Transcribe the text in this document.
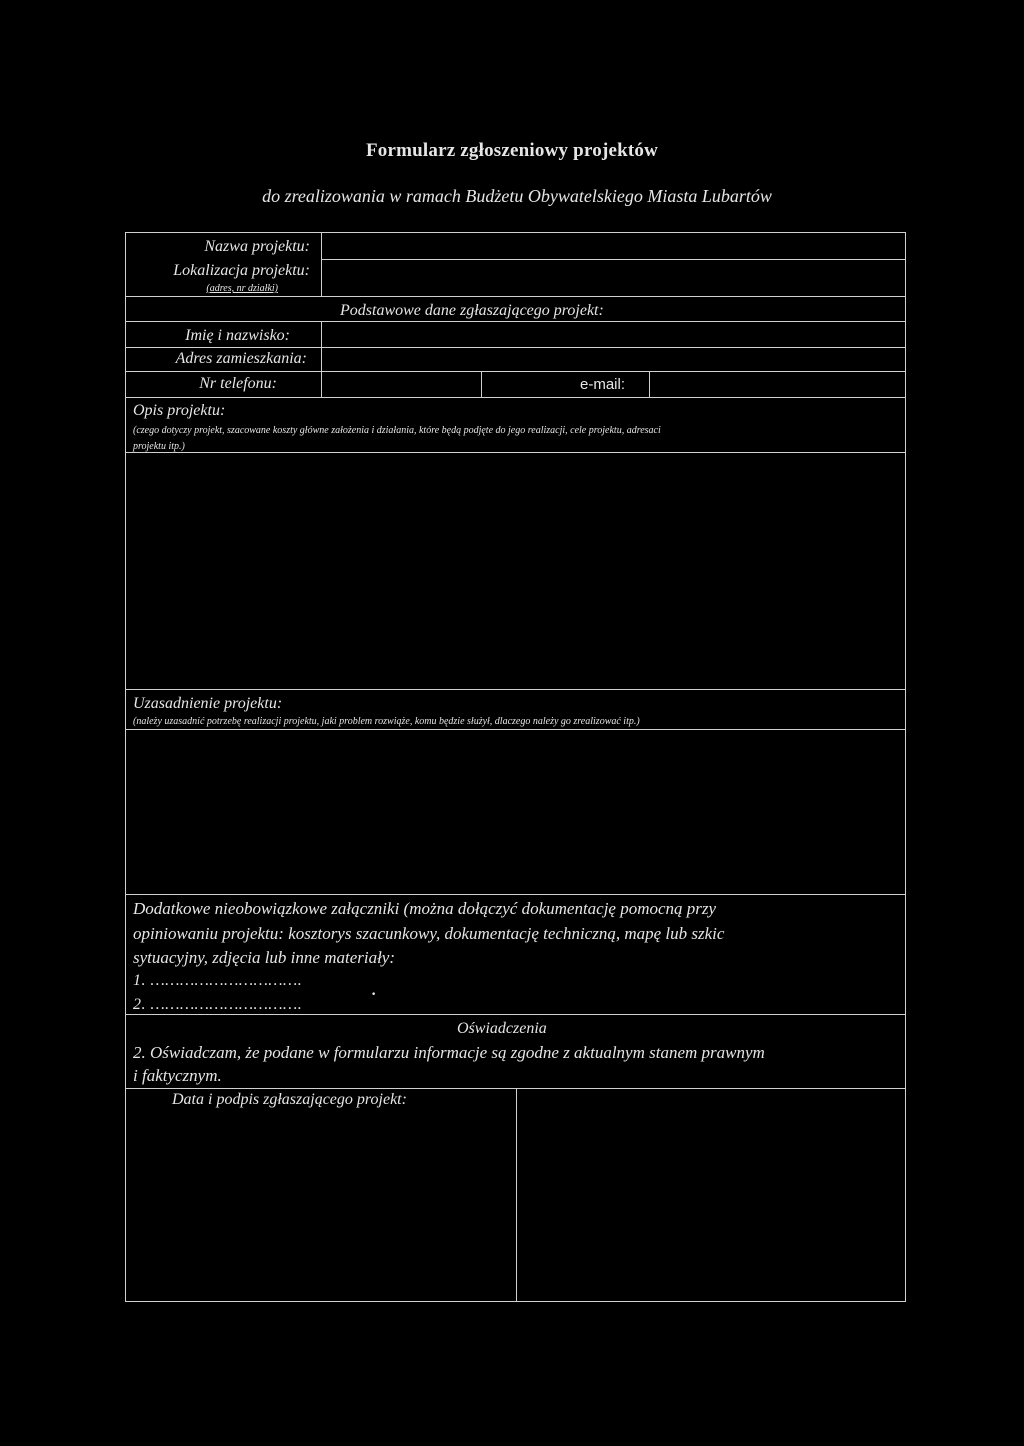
Formularz zgłoszeniowy projektów
do zrealizowania w ramach Budżetu Obywatelskiego Miasta Lubartów
Nazwa projektu:
Lokalizacja projektu:
(adres, nr działki)
Podstawowe dane zgłaszającego projekt:
Imię i nazwisko:
Adres zamieszkania:
Nr telefonu:	e-mail:
Opis projektu:
(czego dotyczy projekt, szacowane koszty główne założenia i działania, które będą podjęte do jego realizacji, cele projektu, adresaci
projektu itp.)
Uzasadnienie projektu:
(należy uzasadnić potrzebę realizacji projektu, jaki problem rozwiąże, komu będzie służył, dlaczego należy go zrealizować itp.)
Dodatkowe nieobowiązkowe załączniki (można dołączyć dokumentację pomocną przy
opiniowaniu projektu: kosztorys szacunkowy, dokumentację techniczną, mapę lub szkic
sytuacyjny, zdjęcia lub inne materiały:
1. ………………………….
2. ………………………….
·
Oświadczenia
2. Oświadczam, że podane w formularzu informacje są zgodne z aktualnym stanem prawnym
i faktycznym.
Data i podpis zgłaszającego projekt:
